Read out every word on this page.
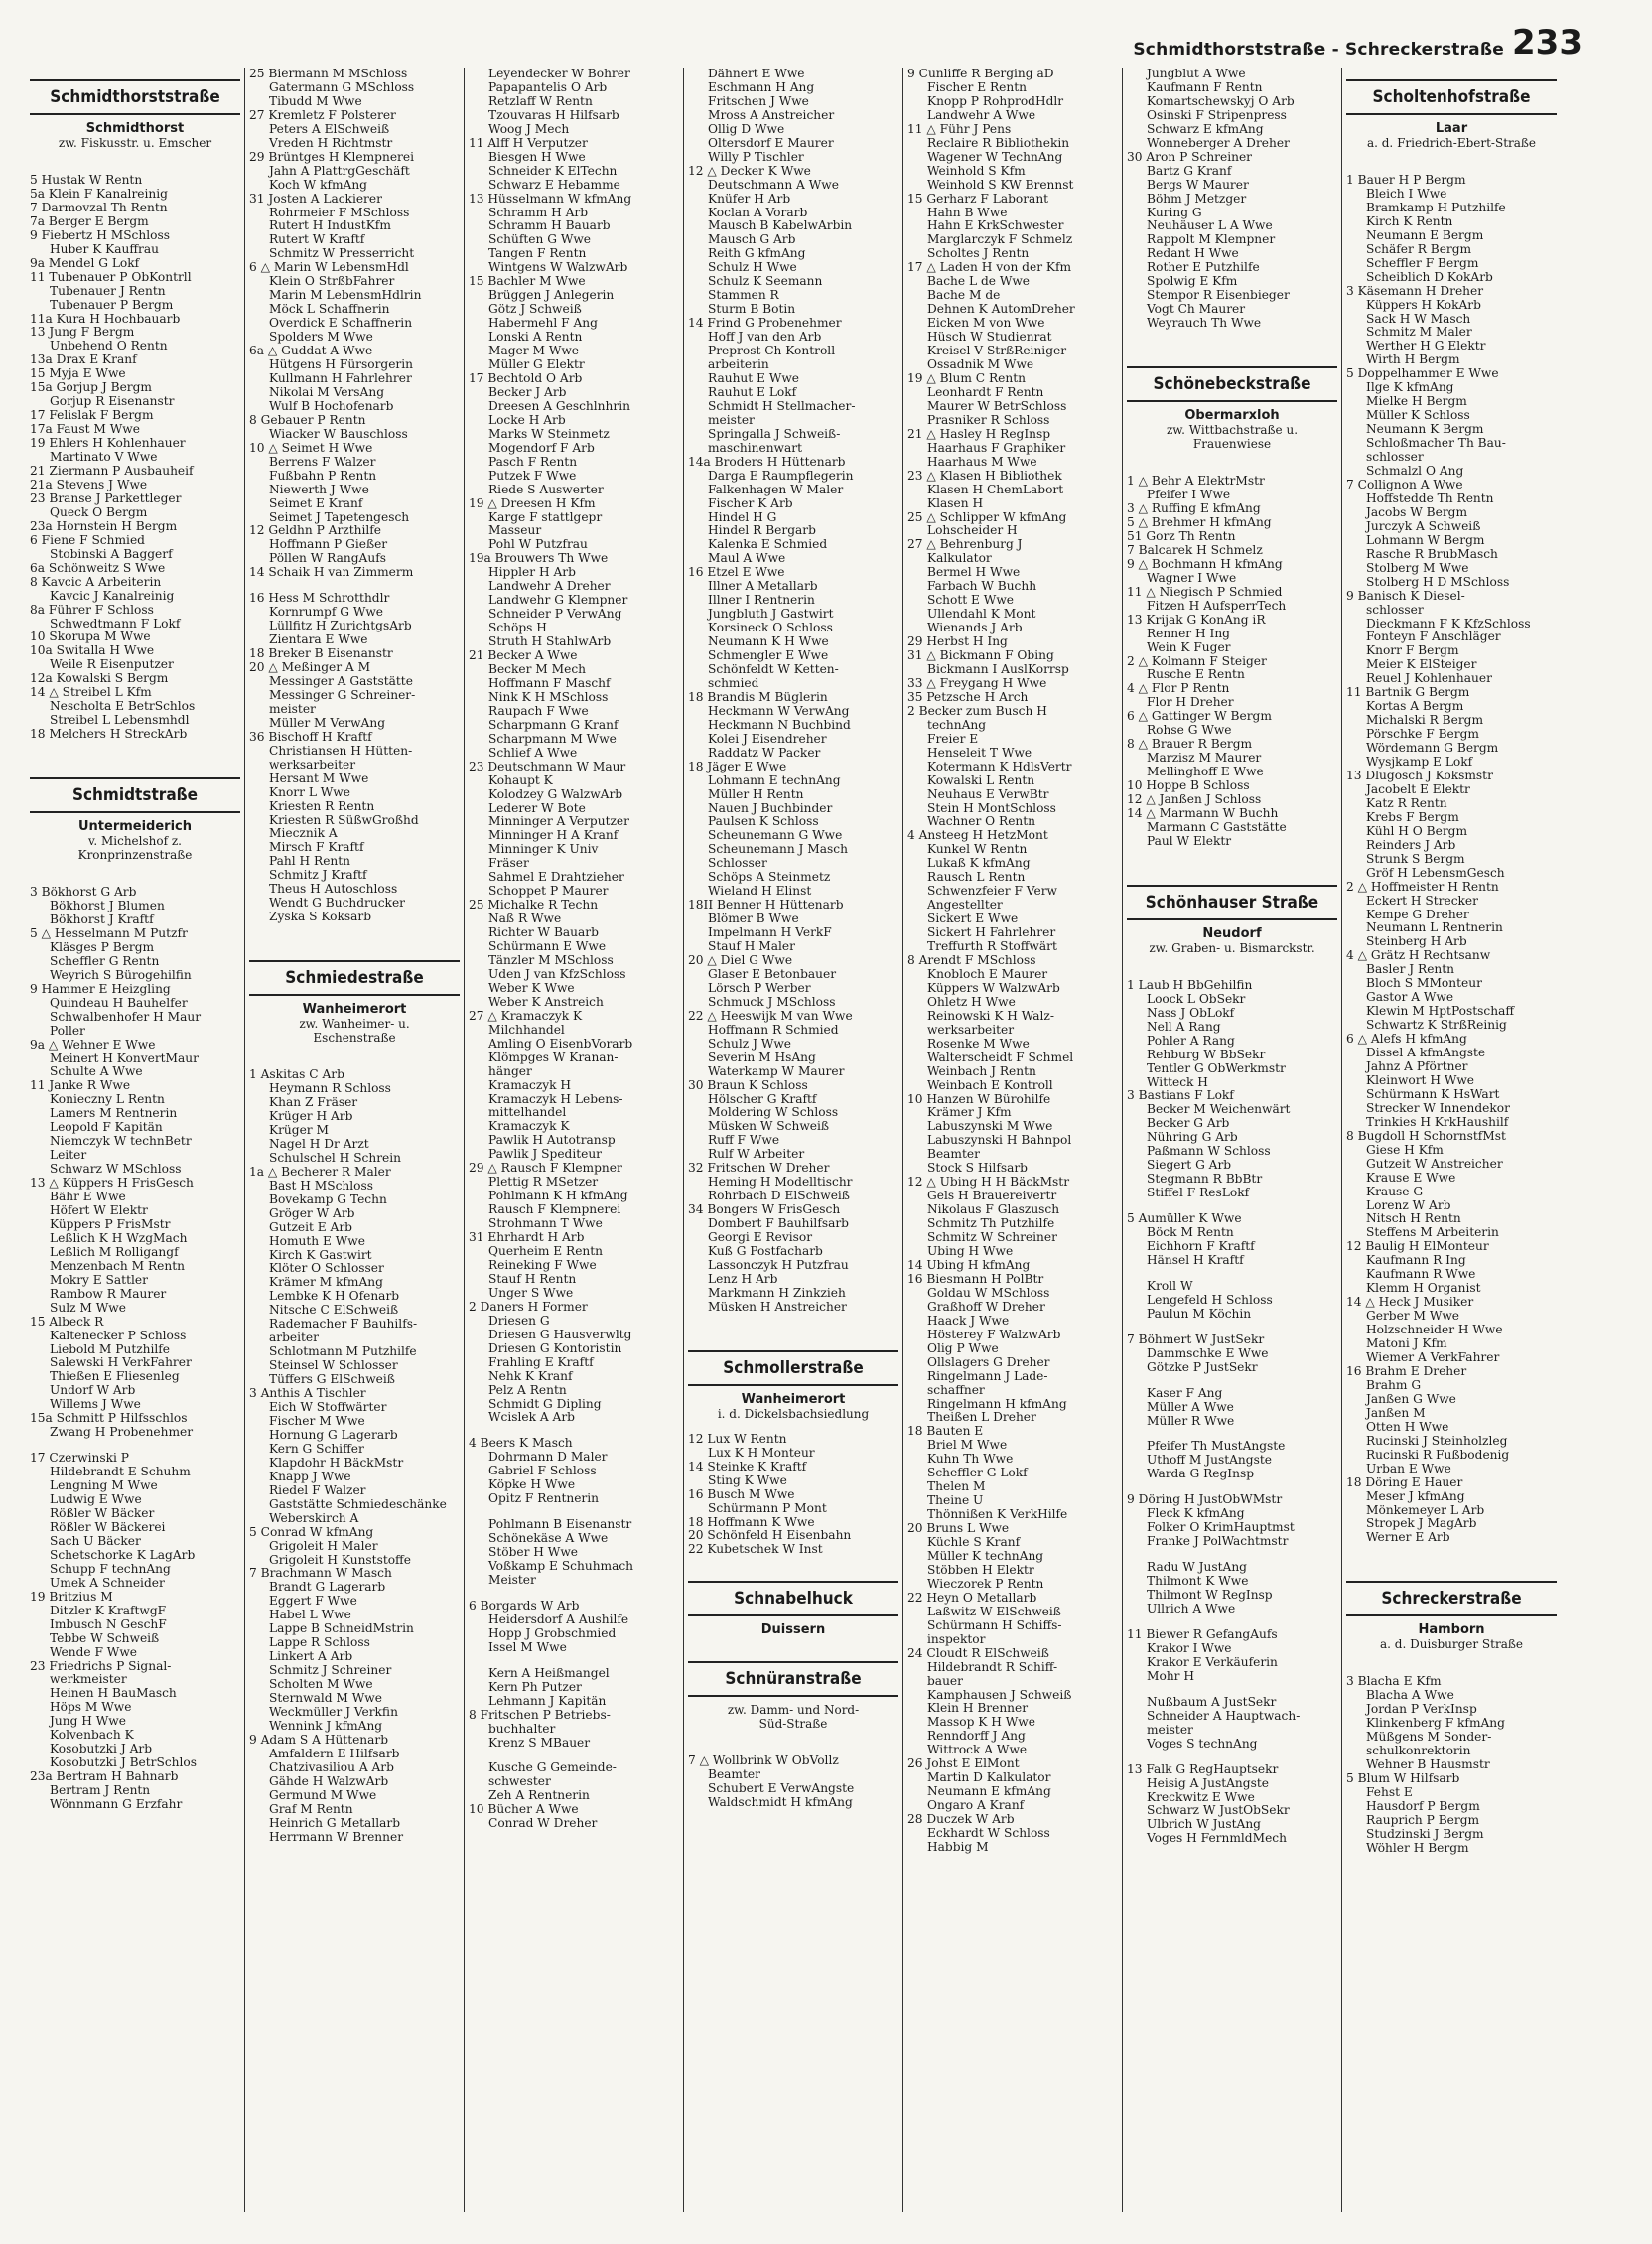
Schmidthorststraße - Schreckerstraße 233
Schmidthorststraße
Schmidthorst
zw. Fiskusstr. u. Emscher
5 Hustak W Rentn
5a Klein F Kanalreinig
7 Darmovzal Th Rentn
7a Berger E Bergm
9 Fiebertz H MSchloss
Huber K Kauffrau
9a Mendel G Lokf
11 Tubenauer P ObKontrll
Tubenauer J Rentn
Tubenauer P Bergm
11a Kura H Hochbauarb
13 Jung F Bergm
Unbehend O Rentn
13a Drax E Kranf
15 Myja E Wwe
15a Gorjup J Bergm
Gorjup R Eisenanstr
17 Felislak F Bergm
17a Faust M Wwe
19 Ehlers H Kohlenhauer
Martinato V Wwe
21 Ziermann P Ausbauheif
21a Stevens J Wwe
23 Branse J Parkettleger
Queck O Bergm
23a Hornstein H Bergm
6 Fiene F Schmied
Stobinski A Baggerf
6a Schönweitz S Wwe
8 Kavcic A Arbeiterin
Kavcic J Kanalreinig
8a Führer F Schloss
Schwedtmann F Lokf
10 Skorupa M Wwe
10a Switalla H Wwe
Weile R Eisenputzer
12a Kowalski S Bergm
14 △ Streibel L Kfm
Nescholta E BetrSchlos
Streibel L Lebensmhdl
18 Melchers H StreckArb
Schmidtstraße
Untermeiderich
v. Michelshof z.
Kronprinzenstraße
3 Bökhorst G Arb
Bökhorst J Blumen
Bökhorst J Kraftf
5 △ Hesselmann M Putzfr
Kläsges P Bergm
Scheffler G Rentn
Weyrich S Bürogehilfin
9 Hammer E Heizgling
Quindeau H Bauhelfer
Schwalbenhofer H Maur
Poller
9a △ Wehner E Wwe
Meinert H KonvertMaur
Schulte A Wwe
11 Janke R Wwe
Konieczny L Rentn
Lamers M Rentnerin
Leopold F Kapitän
Niemczyk W technBetr
Leiter
Schwarz W MSchloss
13 △ Küppers H FrisGesch
Bähr E Wwe
Höfert W Elektr
Küppers P FrisMstr
Leßlich K H WzgMach
Leßlich M Rolligangf
Menzenbach M Rentn
Mokry E Sattler
Rambow R Maurer
Sulz M Wwe
15 Albeck R
Kaltenecker P Schloss
Liebold M Putzhilfe
Salewski H VerkFahrer
Thießen E Fliesenleg
Undorf W Arb
Willems J Wwe
15a Schmitt P Hilfsschlos
Zwang H Probenehmer
17 Czerwinski P
Hildebrandt E Schuhm
Lengning M Wwe
Ludwig E Wwe
Rößler W Bäcker
Rößler W Bäckerei
Sach U Bäcker
Schetschorke K LagArb
Schupp F technAng
Umek A Schneider
19 Britzius M
Ditzler K KraftwgF
Imbusch N GeschF
Tebbe W Schweiß
Wende F Wwe
23 Friedrichs P Signal-
werkmeister
Heinen H BauMasch
Höps M Wwe
Jung H Wwe
Kolvenbach K
Kosobutzki J Arb
Kosobutzki J BetrSchlos
23a Bertram H Bahnarb
Bertram J Rentn
Wönnmann G Erzfahr
25 Biermann M MSchloss
Gatermann G MSchloss
Tibudd M Wwe
27 Kremletz F Polsterer
Peters A ElSchweiß
Vreden H Richtmstr
29 Brüntges H Klempnerei
Jahn A PlattrgGeschäft
Koch W kfmAng
31 Josten A Lackierer
Rohrmeier F MSchloss
Rutert H IndustKfm
Rutert W Kraftf
Schmitz W Presserricht
6 △ Marin W LebensmHdl
Klein O StrßbFahrer
Marin M LebensmHdlrin
Möck L Schaffnerin
Overdick E Schaffnerin
Spolders M Wwe
6a △ Guddat A Wwe
Hütgens H Fürsorgerin
Kullmann H Fahrlehrer
Nikolai M VersAng
Wulf B Hochofenarb
8 Gebauer P Rentn
Wiacker W Bauschloss
10 △ Seimet H Wwe
Berrens F Walzer
Fußbahn P Rentn
Niewerth J Wwe
Seimet E Kranf
Seimet J Tapetengesch
12 Geldhn P Arzthilfe
Hoffmann P Gießer
Pöllen W RangAufs
14 Schaik H van Zimmerm
16 Hess M Schrotthdlr
Kornrumpf G Wwe
Lüllfitz H ZurichtgsArb
Zientara E Wwe
18 Breker B Eisenanstr
20 △ Meßinger A M
Messinger A Gaststätte
Messinger G Schreiner-
meister
Müller M VerwAng
36 Bischoff H Kraftf
Christiansen H Hütten-
werksarbeiter
Hersant M Wwe
Knorr L Wwe
Kriesten R Rentn
Kriesten R SüßwGroßhd
Miecznik A
Mirsch F Kraftf
Pahl H Rentn
Schmitz J Kraftf
Theus H Autoschloss
Wendt G Buchdrucker
Zyska S Koksarb
Schmiedestraße
Wanheimerort
zw. Wanheimer- u.
Eschenstraße
1 Askitas C Arb
Heymann R Schloss
Khan Z Fräser
Krüger H Arb
Krüger M
Nagel H Dr Arzt
Schulschel H Schrein
1a △ Becherer R Maler
Bast H MSchloss
Bovekamp G Techn
Gröger W Arb
Gutzeit E Arb
Homuth E Wwe
Kirch K Gastwirt
Klöter O Schlosser
Krämer M kfmAng
Lembke K H Ofenarb
Nitsche C ElSchweiß
Rademacher F Bauhilfs-
arbeiter
Schlotmann M Putzhilfe
Steinsel W Schlosser
Tüffers G ElSchweiß
3 Anthis A Tischler
Eich W Stoffwärter
Fischer M Wwe
Hornung G Lagerarb
Kern G Schiffer
Klapdohr H BäckMstr
Knapp J Wwe
Riedel F Walzer
Gaststätte Schmiedeschänke
Weberskirch A
5 Conrad W kfmAng
Grigoleit H Maler
Grigoleit H Kunststoffe
7 Brachmann W Masch
Brandt G Lagerarb
Eggert F Wwe
Habel L Wwe
Lappe B SchneidMstrin
Lappe R Schloss
Linkert A Arb
Schmitz J Schreiner
Scholten M Wwe
Sternwald M Wwe
Weckmüller J Verkfin
Wennink J kfmAng
9 Adam S A Hüttenarb
Amfaldern E Hilfsarb
Chatzivasiliou A Arb
Gähde H WalzwArb
Germund M Wwe
Graf M Rentn
Heinrich G Metallarb
Herrmann W Brenner
Leyendecker W Bohrer
Papapantelis O Arb
Retzlaff W Rentn
Tzouvaras H Hilfsarb
Woog J Mech
11 Alff H Verputzer
Biesgen H Wwe
Schneider K ElTechn
Schwarz E Hebamme
13 Hüsselmann W kfmAng
Schramm H Arb
Schramm H Bauarb
Schüften G Wwe
Tangen F Rentn
Wintgens W WalzwArb
15 Bachler M Wwe
Brüggen J Anlegerin
Götz J Schweiß
Habermehl F Ang
Lonski A Rentn
Mager M Wwe
Müller G Elektr
17 Bechtold O Arb
Becker J Arb
Dreesen A Geschlnhrin
Locke H Arb
Marks W Steinmetz
Mogendorf F Arb
Pasch F Rentn
Putzek F Wwe
Riede S Auswerter
19 △ Dreesen H Kfm
Karge F stattlgepr
Masseur
Pohl W Putzfrau
19a Brouwers Th Wwe
Hippler H Arb
Landwehr A Dreher
Landwehr G Klempner
Schneider P VerwAng
Schöps H
Struth H StahlwArb
21 Becker A Wwe
Becker M Mech
Hoffmann F Maschf
Nink K H MSchloss
Raupach F Wwe
Scharpmann G Kranf
Scharpmann M Wwe
Schlief A Wwe
23 Deutschmann W Maur
Kohaupt K
Kolodzey G WalzwArb
Lederer W Bote
Minninger A Verputzer
Minninger H A Kranf
Minninger K Univ
Fräser
Sahmel E Drahtzieher
Schoppet P Maurer
25 Michalke R Techn
Naß R Wwe
Richter W Bauarb
Schürmann E Wwe
Tänzler M MSchloss
Uden J van KfzSchloss
Weber K Wwe
Weber K Anstreich
27 △ Kramaczyk K
Milchhandel
Amling O EisenbVorarb
Klömpges W Kranan-
hänger
Kramaczyk H
Kramaczyk H Lebens-
mittelhandel
Kramaczyk K
Pawlik H Autotransp
Pawlik J Spediteur
29 △ Rausch F Klempner
Plettig R MSetzer
Pohlmann K H kfmAng
Rausch F Klempnerei
Strohmann T Wwe
31 Ehrhardt H Arb
Querheim E Rentn
Reineking F Wwe
Stauf H Rentn
Unger S Wwe
2 Daners H Former
Driesen G
Driesen G Hausverwltg
Driesen G Kontoristin
Frahling E Kraftf
Nehk K Kranf
Pelz A Rentn
Schmidt G Dipling
Wcislek A Arb
4 Beers K Masch
Dohrmann D Maler
Gabriel F Schloss
Köpke H Wwe
Opitz F Rentnerin
Pohlmann B Eisenanstr
Schönekäse A Wwe
Stöber H Wwe
Voßkamp E Schuhmach
Meister
6 Borgards W Arb
Heidersdorf A Aushilfe
Hopp J Grobschmied
Issel M Wwe
Kern A Heißmangel
Kern Ph Putzer
Lehmann J Kapitän
8 Fritschen P Betriebs-
buchhalter
Krenz S MBauer
Kusche G Gemeinde-
schwester
Zeh A Rentnerin
10 Bücher A Wwe
Conrad W Dreher
Dähnert E Wwe
Eschmann H Ang
Fritschen J Wwe
Mross A Anstreicher
Öllig D Wwe
Oltersdorf E Maurer
Willy P Tischler
12 △ Decker K Wwe
Deutschmann A Wwe
Knüfer H Arb
Koclan A Vorarb
Mausch B KabelwArbin
Mausch G Arb
Reith G kfmAng
Schulz H Wwe
Schulz K Seemann
Stammen R
Sturm B Botin
14 Frind G Probenehmer
Hoff J van den Arb
Preprost Ch Kontroll-
arbeiterin
Rauhut E Wwe
Rauhut E Lokf
Schmidt H Stellmacher-
meister
Springalla J Schweiß-
maschinenwart
14a Broders H Hüttenarb
Darga E Raumpflegerin
Falkenhagen W Maler
Fischer K Arb
Hindel H G
Hindel R Bergarb
Kalenka E Schmied
Maul A Wwe
16 Etzel E Wwe
Illner A Metallarb
Illner I Rentnerin
Jungbluth J Gastwirt
Korsineck O Schloss
Neumann K H Wwe
Schmengler E Wwe
Schönfeldt W Ketten-
schmied
18 Brandis M Büglerin
Heckmann W VerwAng
Heckmann N Buchbind
Kolei J Eisendreher
Raddatz W Packer
18 Jäger E Wwe
Lohmann E technAng
Müller H Rentn
Nauen J Buchbinder
Paulsen K Schloss
Scheunemann G Wwe
Scheunemann J Masch
Schlosser
Schöps A Steinmetz
Wieland H Elinst
18II Benner H Hüttenarb
Blömer B Wwe
Impelmann H VerkF
Stauf H Maler
20 △ Diel G Wwe
Glaser E Betonbauer
Lörsch P Werber
Schmuck J MSchloss
22 △ Heeswijk M van Wwe
Hoffmann R Schmied
Schulz J Wwe
Severin M HsAng
Waterkamp W Maurer
30 Braun K Schloss
Hölscher G Kraftf
Moldering W Schloss
Müsken W Schweiß
Ruff F Wwe
Rulf W Arbeiter
32 Fritschen W Dreher
Heming H Modelltischr
Rohrbach D ElSchweiß
34 Bongers W FrisGesch
Dombert F Bauhilfsarb
Georgi E Revisor
Kuß G Postfacharb
Lassonczyk H Putzfrau
Lenz H Arb
Markmann H Zinkzieh
Müsken H Anstreicher
Schmollerstraße
Wanheimerort
i. d. Dickelsbachsiedlung
12 Lux W Rentn
Lux K H Monteur
14 Steinke K Kraftf
Sting K Wwe
16 Busch M Wwe
Schürmann P Mont
18 Hoffmann K Wwe
20 Schönfeld H Eisenbahn
22 Kubetschek W Inst
Schnabelhuck
Duissern
Schnüranstraße
zw. Damm- und Nord-
Süd-Straße
7 △ Wollbrink W ObVollz
Beamter
Schubert E VerwAngste
Waldschmidt H kfmAng
9 Cunliffe R Berging aD
Fischer E Rentn
Knopp P RohprodHdlr
Landwehr A Wwe
11 △ Führ J Pens
Reclaire R Bibliothekin
Wagener W TechnAng
Weinhold S Kfm
Weinhold S KW Brennst
15 Gerharz F Laborant
Hahn B Wwe
Hahn E KrkSchwester
Marglarczyk F Schmelz
Scholtes J Rentn
17 △ Laden H von der Kfm
Bache L de Wwe
Bache M de
Dehnen K AutomDreher
Eicken M von Wwe
Hüsch W Studienrat
Kreisel V StrßReiniger
Ossadnik M Wwe
19 △ Blum C Rentn
Leonhardt F Rentn
Maurer W BetrSchloss
Prasniker R Schloss
21 △ Hasley H RegInsp
Haarhaus F Graphiker
Haarhaus M Wwe
23 △ Klasen H Bibliothek
Klasen H ChemLabort
Klasen H
25 △ Schlipper W kfmAng
Lohscheider H
27 △ Behrenburg J
Kalkulator
Bermel H Wwe
Farbach W Buchh
Schott E Wwe
Ullendahl K Mont
Wienands J Arb
29 Herbst H Ing
31 △ Bickmann F Obing
Bickmann I AuslKorrsp
33 △ Freygang H Wwe
35 Petzsche H Arch
2 Becker zum Busch H
technAng
Freier E
Henseleit T Wwe
Kotermann K HdlsVertr
Kowalski L Rentn
Neuhaus E VerwBtr
Stein H MontSchloss
Wachner O Rentn
4 Ansteeg H HetzMont
Kunkel W Rentn
Lukaß K kfmAng
Rausch L Rentn
Schwenzfeier F Verw
Angestellter
Sickert E Wwe
Sickert H Fahrlehrer
Treffurth R Stoffwärt
8 Arendt F MSchloss
Knobloch E Maurer
Küppers W WalzwArb
Ohletz H Wwe
Reinowski K H Walz-
werksarbeiter
Rosenke M Wwe
Walterscheidt F Schmel
Weinbach J Rentn
Weinbach E Kontroll
10 Hanzen W Bürohilfe
Krämer J Kfm
Labuszynski M Wwe
Labuszynski H Bahnpol
Beamter
Stock S Hilfsarb
12 △ Übing H H BäckMstr
Gels H Brauereivertr
Nikolaus F Glaszusch
Schmitz Th Putzhilfe
Schmitz W Schreiner
Übing H Wwe
14 Übing H kfmAng
16 Biesmann H PolBtr
Goldau W MSchloss
Graßhoff W Dreher
Haack J Wwe
Hösterey F WalzwArb
Ölig P Wwe
Ollslagers G Dreher
Ringelmann J Lade-
schaffner
Ringelmann H kfmAng
Theißen L Dreher
18 Bauten E
Briel M Wwe
Kuhn Th Wwe
Scheffler G Lokf
Thelen M
Theine U
Thönnißen K VerkHilfe
20 Bruns L Wwe
Küchle S Kranf
Müller K technAng
Stöbben H Elektr
Wieczorek P Rentn
22 Heyn O Metallarb
Laßwitz W ElSchweiß
Schürmann H Schiffs-
inspektor
24 Cloudt R ElSchweiß
Hildebrandt R Schiff-
bauer
Kamphausen J Schweiß
Klein H Brenner
Massop K H Wwe
Renndorff J Ang
Wittrock A Wwe
26 Johst E ElMont
Martin D Kalkulator
Neumann E kfmAng
Ongaro A Kranf
28 Duczek W Arb
Eckhardt W Schloss
Habbig M
Jungblut A Wwe
Kaufmann F Rentn
Komartschewskyj O Arb
Osinski F Stripenpress
Schwarz E kfmAng
Wonneberger A Dreher
30 Aron P Schreiner
Bartz G Kranf
Bergs W Maurer
Böhm J Metzger
Kuring G
Neuhäuser L A Wwe
Rappolt M Klempner
Redant H Wwe
Rother E Putzhilfe
Spolwig E Kfm
Stempor R Eisenbieger
Vogt Ch Maurer
Weyrauch Th Wwe
Schönebeckstraße
Obermarxloh
zw. Wittbachstraße u.
Frauenwiese
1 △ Behr A ElektrMstr
Pfeifer I Wwe
3 △ Ruffing E kfmAng
5 △ Brehmer H kfmAng
51 Gorz Th Rentn
7 Balcarek H Schmelz
9 △ Bochmann H kfmAng
Wagner I Wwe
11 △ Niegisch P Schmied
Fitzen H AufsperrTech
13 Krijak G KonAng iR
Renner H Ing
Wein K Fuger
2 △ Kolmann F Steiger
Rusche E Rentn
4 △ Flor P Rentn
Flor H Dreher
6 △ Gattinger W Bergm
Rohse G Wwe
8 △ Brauer R Bergm
Marzisz M Maurer
Mellinghoff E Wwe
10 Hoppe B Schloss
12 △ Janßen J Schloss
14 △ Marmann W Buchh
Marmann C Gaststätte
Paul W Elektr
Schönhauser Straße
Neudorf
zw. Graben- u. Bismarckstr.
1 Laub H BbGehilfin
Loock L ObSekr
Nass J ObLokf
Nell A Rang
Pohler A Rang
Rehburg W BbSekr
Tentler G ObWerkmstr
Witteck H
3 Bastians F Lokf
Becker M Weichenwärt
Becker G Arb
Nühring G Arb
Paßmann W Schloss
Siegert G Arb
Stegmann R BbBtr
Stiffel F ResLokf
5 Aumüller K Wwe
Böck M Rentn
Eichhorn F Kraftf
Hänsel H Kraftf
Kroll W
Lengefeld H Schloss
Paulun M Köchin
7 Böhmert W JustSekr
Dammschke E Wwe
Götzke P JustSekr
Kaser F Ang
Müller A Wwe
Müller R Wwe
Pfeifer Th MustAngste
Uthoff M JustAngste
Warda G RegInsp
9 Döring H JustObWMstr
Fleck K kfmAng
Folker O KrimHauptmst
Franke J PolWachtmstr
Radu W JustAng
Thilmont K Wwe
Thilmont W RegInsp
Ullrich A Wwe
11 Biewer R GefangAufs
Krakor I Wwe
Krakor E Verkäuferin
Mohr H
Nußbaum A JustSekr
Schneider A Hauptwach-
meister
Voges S technAng
13 Falk G RegHauptsekr
Heisig A JustAngste
Kreckwitz E Wwe
Schwarz W JustObSekr
Ulbrich W JustAng
Voges H FernmldMech
Scholtenhofstraße
Laar
a. d. Friedrich-Ebert-Straße
1 Bauer H P Bergm
Bleich I Wwe
Bramkamp H Putzhilfe
Kirch K Rentn
Neumann E Bergm
Schäfer R Bergm
Scheffler F Bergm
Scheiblich D KokArb
3 Käsemann H Dreher
Küppers H KokArb
Sack H W Masch
Schmitz M Maler
Werther H G Elektr
Wirth H Bergm
5 Doppelhammer E Wwe
Ilge K kfmAng
Mielke H Bergm
Müller K Schloss
Neumann K Bergm
Schloßmacher Th Bau-
schlosser
Schmalzl O Ang
7 Collignon A Wwe
Hoffstedde Th Rentn
Jacobs W Bergm
Jurczyk A Schweiß
Lohmann W Bergm
Rasche R BrubMasch
Stolberg M Wwe
Stolberg H D MSchloss
9 Banisch K Diesel-
schlosser
Dieckmann F K KfzSchloss
Fonteyn F Anschläger
Knorr F Bergm
Meier K ElSteiger
Reuel J Kohlenhauer
11 Bartnik G Bergm
Kortas A Bergm
Michalski R Bergm
Pörschke F Bergm
Wördemann G Bergm
Wysjkamp E Lokf
13 Dlugosch J Koksmstr
Jacobelt E Elektr
Katz R Rentn
Krebs F Bergm
Kühl H O Bergm
Reinders J Arb
Strunk S Bergm
Gröf H LebensmGesch
2 △ Hoffmeister H Rentn
Eckert H Strecker
Kempe G Dreher
Neumann L Rentnerin
Steinberg H Arb
4 △ Grätz H Rechtsanw
Basler J Rentn
Bloch S MMonteur
Gastor A Wwe
Klewin M HptPostschaff
Schwartz K StrßReinig
6 △ Alefs H kfmAng
Dissel A kfmAngste
Jahnz A Pförtner
Kleinwort H Wwe
Schürmann K HsWart
Strecker W Innendekor
Trinkies H KrkHaushilf
8 Bugdoll H SchornstfMst
Giese H Kfm
Gutzeit W Anstreicher
Krause E Wwe
Krause G
Lorenz W Arb
Nitsch H Rentn
Steffens M Arbeiterin
12 Baulig H ElMonteur
Kaufmann R Ing
Kaufmann R Wwe
Klemm H Organist
14 △ Heck J Musiker
Gerber M Wwe
Holzschneider H Wwe
Matoni J Kfm
Wiemer A VerkFahrer
16 Brahm E Dreher
Brahm G
Janßen G Wwe
Janßen M
Otten H Wwe
Rucinski J Steinholzleg
Rucinski R Fußbodenig
Urban E Wwe
18 Döring E Hauer
Meser J kfmAng
Mönkemeyer L Arb
Stropek J MagArb
Werner E Arb
Schreckerstraße
Hamborn
a. d. Duisburger Straße
3 Blacha E Kfm
Blacha A Wwe
Jordan P VerkInsp
Klinkenberg F kfmAng
Müßgens M Sonder-
schulkonrektorin
Wehner B Hausmstr
5 Blum W Hilfsarb
Fehst E
Hausdorf P Bergm
Rauprich P Bergm
Studzinski J Bergm
Wöhler H Bergm
